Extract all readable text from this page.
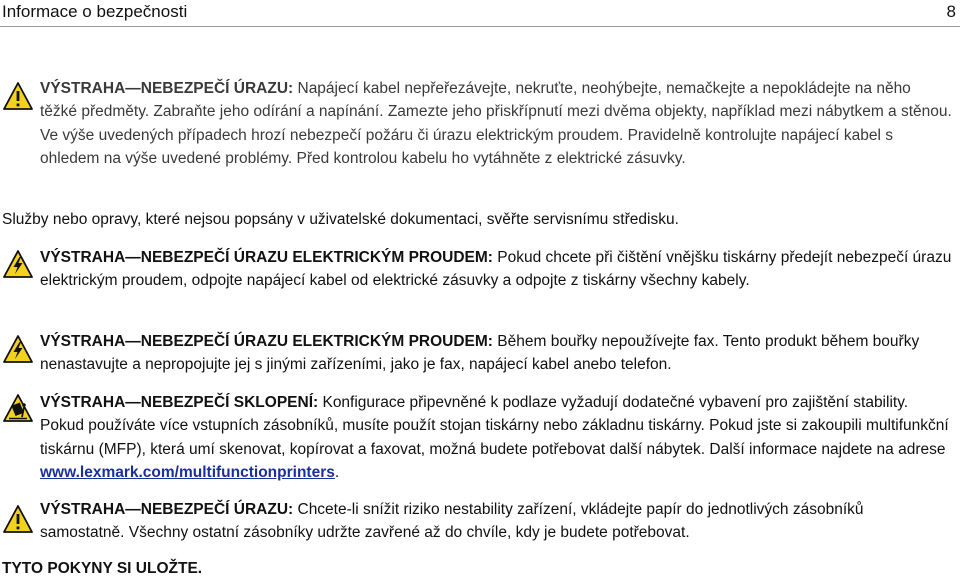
Informace o bezpečnosti	8
VÝSTRAHA—NEBEZPEČÍ ÚRAZU: Napájecí kabel nepřeřezávejte, nekruťte, neohýbejte, nemačkejte a nepokládejte na něho těžké předměty. Zabraňte jeho odírání a napínání. Zamezte jeho přiskřípnutí mezi dvěma objekty, například mezi nábytkem a stěnou. Ve výše uvedených případech hrozí nebezpečí požáru či úrazu elektrickým proudem. Pravidelně kontrolujte napájecí kabel s ohledem na výše uvedené problémy. Před kontrolou kabelu ho vytáhněte z elektrické zásuvky.
Služby nebo opravy, které nejsou popsány v uživatelské dokumentaci, svěřte servisnímu středisku.
VÝSTRAHA—NEBEZPEČÍ ÚRAZU ELEKTRICKÝM PROUDEM: Pokud chcete při čištění vnějšku tiskárny předejít nebezpečí úrazu elektrickým proudem, odpojte napájecí kabel od elektrické zásuvky a odpojte z tiskárny všechny kabely.
VÝSTRAHA—NEBEZPEČÍ ÚRAZU ELEKTRICKÝM PROUDEM: Během bouřky nepoužívejte fax. Tento produkt během bouřky nenastavujte a nepropojujte jej s jinými zařízeními, jako je fax, napájecí kabel anebo telefon.
VÝSTRAHA—NEBEZPEČÍ SKLOPENÍ: Konfigurace připevněné k podlaze vyžadují dodatečné vybavení pro zajištění stability. Pokud používáte více vstupních zásobníků, musíte použít stojan tiskárny nebo základnu tiskárny. Pokud jste si zakoupili multifunkční tiskárnu (MFP), která umí skenovat, kopírovat a faxovat, možná budete potřebovat další nábytek. Další informace najdete na adrese www.lexmark.com/multifunctionprinters.
VÝSTRAHA—NEBEZPEČÍ ÚRAZU: Chcete-li snížit riziko nestability zařízení, vkládejte papír do jednotlivých zásobníků samostatně. Všechny ostatní zásobníky udržte zavřené až do chvíle, kdy je budete potřebovat.
TYTO POKYNY SI ULOŽTE.
